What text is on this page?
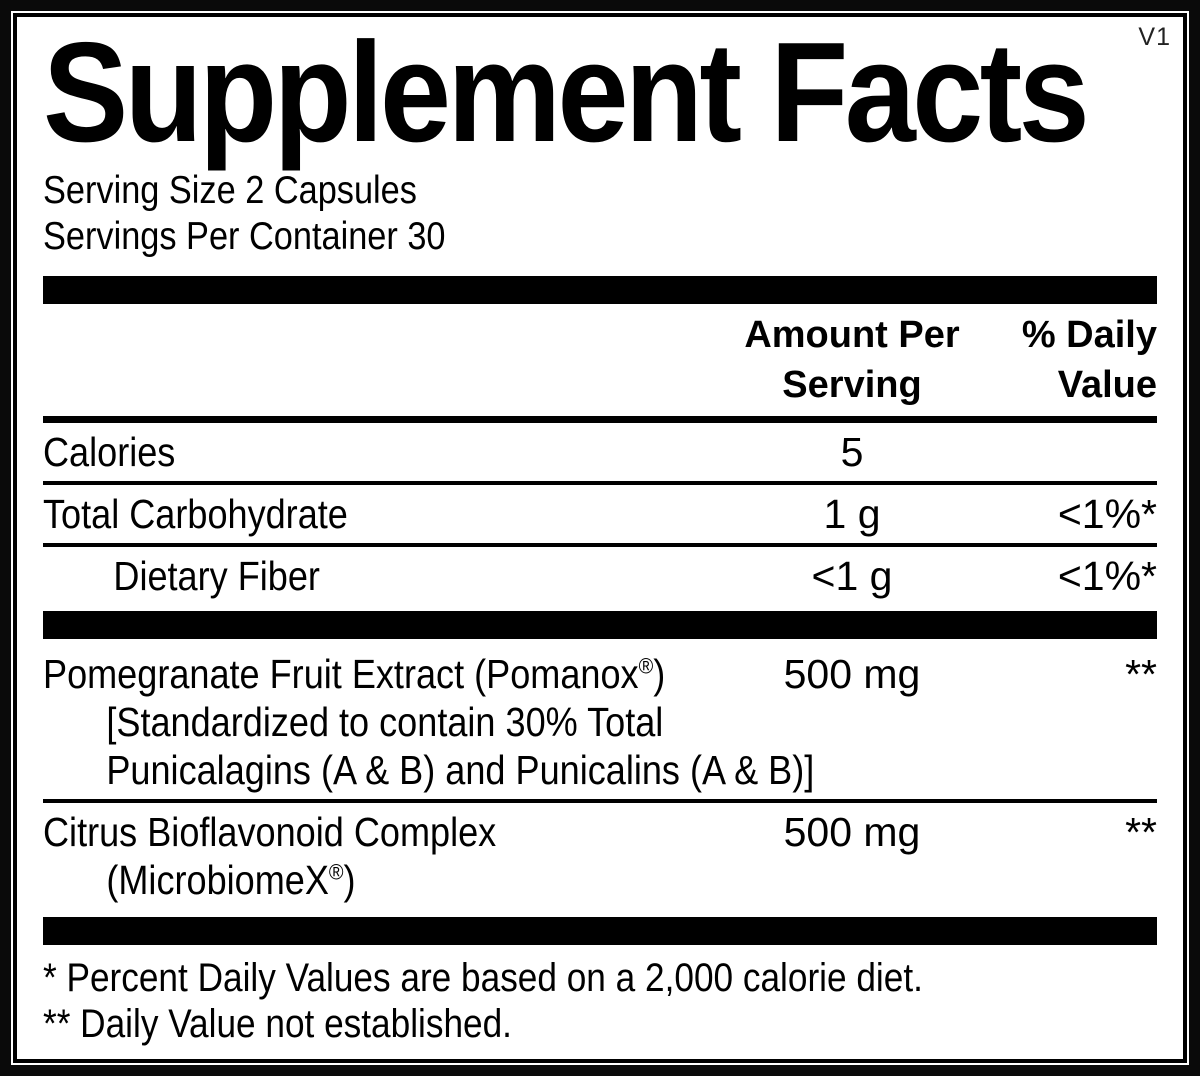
V1
Supplement Facts
Serving Size 2 Capsules
Servings Per Container 30
Amount Per Serving
% Daily Value
Calories	5
Total Carbohydrate	1 g	<1%*
Dietary Fiber	<1 g	<1%*
Pomegranate Fruit Extract (Pomanox®)
[Standardized to contain 30% Total
Punicalagins (A & B) and Punicalins (A & B)]
500 mg	**
Citrus Bioflavonoid Complex
(MicrobiomeX®)
500 mg	**
* Percent Daily Values are based on a 2,000 calorie diet.
** Daily Value not established.
